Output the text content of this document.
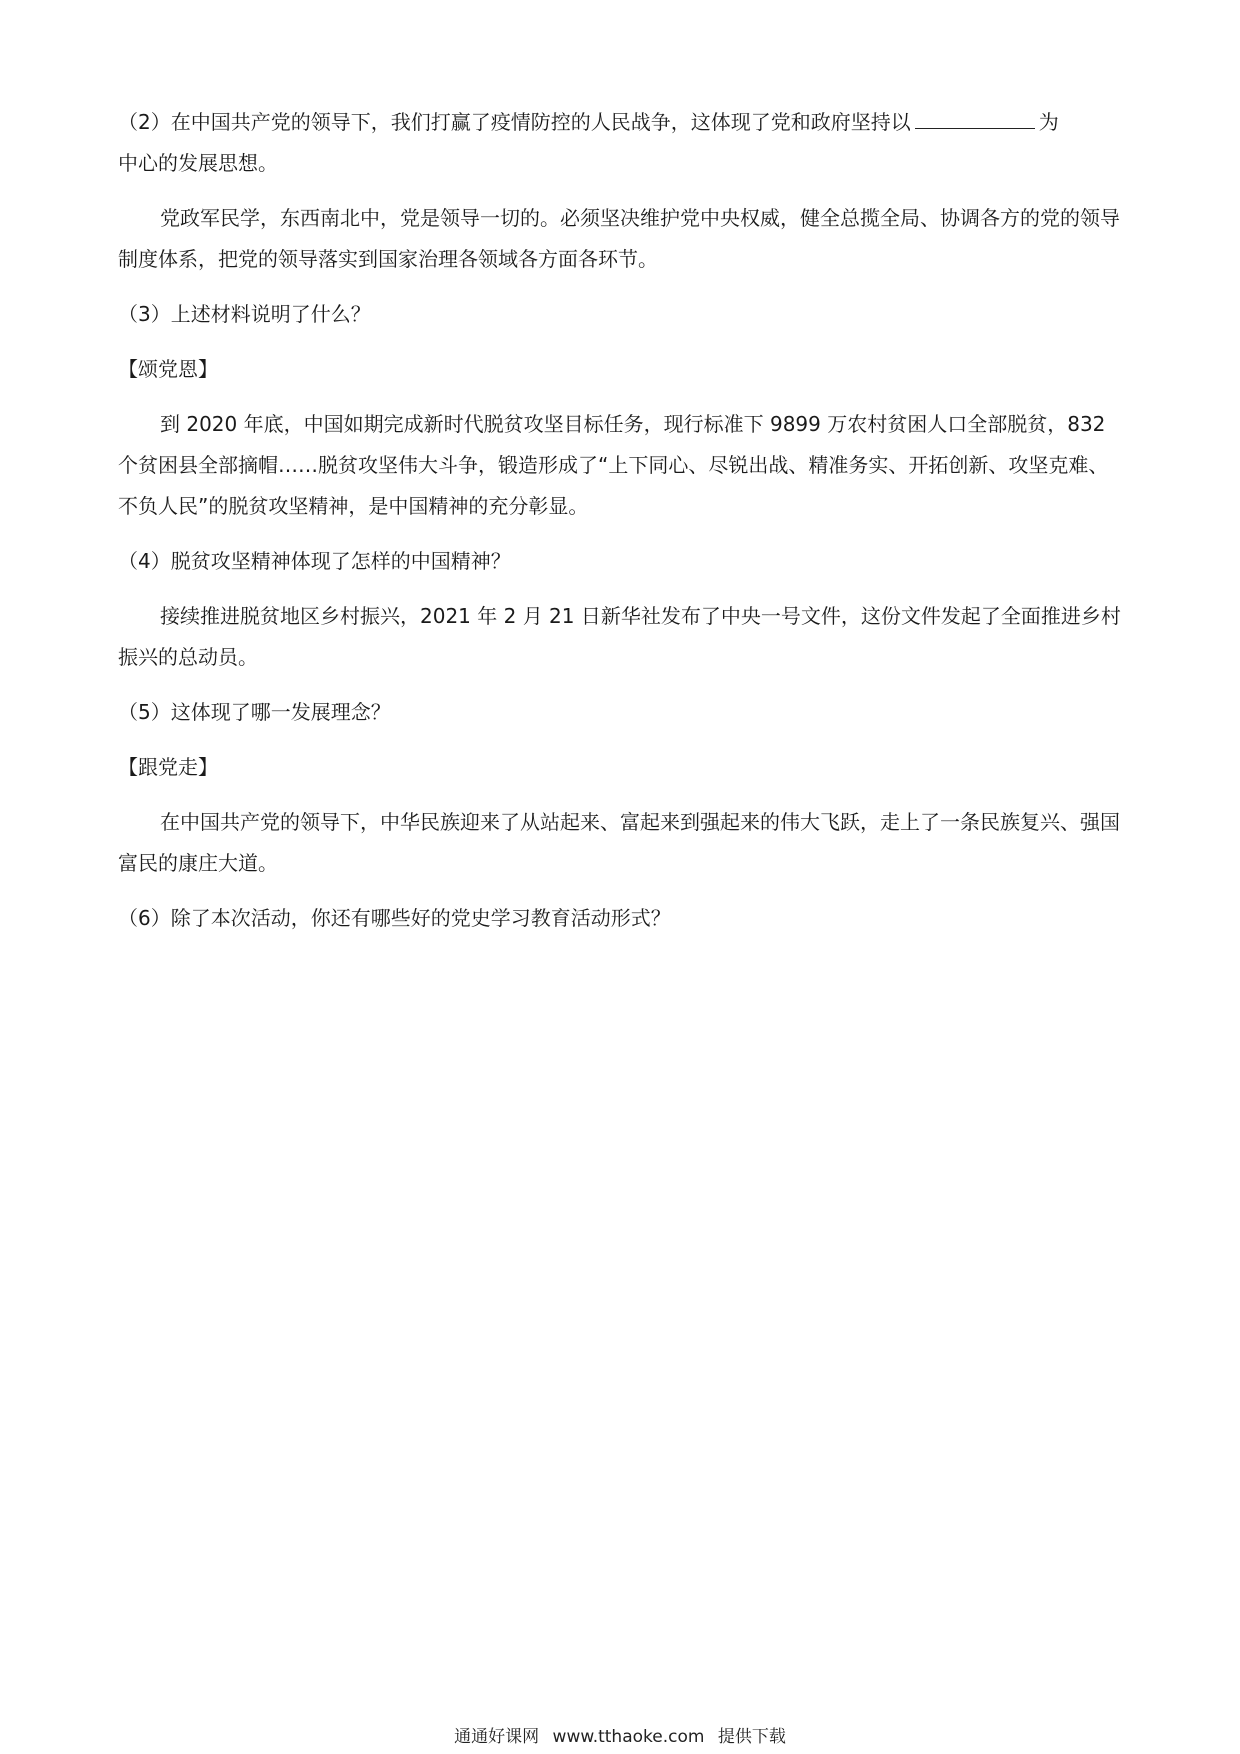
（2）在中国共产党的领导下，我们打赢了疫情防控的人民战争，这体现了党和政府坚持以	为
中心的发展思想。

党政军民学，东西南北中，党是领导一切的。必须坚决维护党中央权威，健全总揽全局、协调各方的党的领导制度体系，把党的领导落实到国家治理各领域各方面各环节。

（3）上述材料说明了什么？

【颂党恩】

到 2020 年底，中国如期完成新时代脱贫攻坚目标任务，现行标准下 9899 万农村贫困人口全部脱贫，832 个贫困县全部摘帽……脱贫攻坚伟大斗争，锻造形成了“上下同心、尽锐出战、精准务实、开拓创新、攻坚克难、不负人民”的脱贫攻坚精神，是中国精神的充分彰显。

（4）脱贫攻坚精神体现了怎样的中国精神？

接续推进脱贫地区乡村振兴，2021 年 2 月 21 日新华社发布了中央一号文件，这份文件发起了全面推进乡村振兴的总动员。

（5）这体现了哪一发展理念？

【跟党走】

在中国共产党的领导下，中华民族迎来了从站起来、富起来到强起来的伟大飞跃，走上了一条民族复兴、强国富民的康庄大道。

（6）除了本次活动，你还有哪些好的党史学习教育活动形式？

通通好课网 www.tthaoke.com 提供下载
